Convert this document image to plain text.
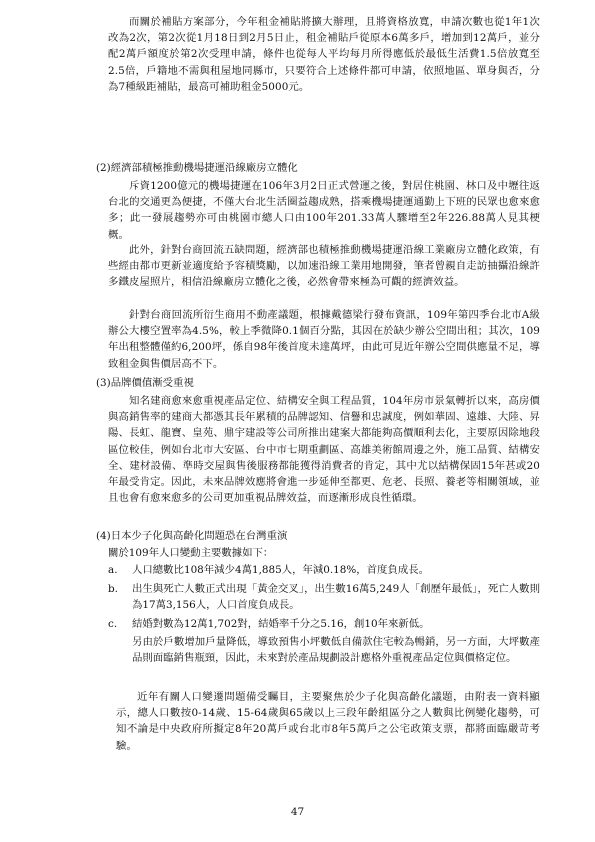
而關於補貼方案部分，今年租金補貼將擴大辦理，且將資格放寬，申請次數也從1年1次改為2次，第2次從1月18日到2月5日止，租金補貼戶從原本6萬多戶，增加到12萬戶，並分配2萬戶額度於第2次受理申請，條件也從每人平均每月所得應低於最低生活費1.5倍放寬至2.5倍，戶籍地不需與租屋地同縣市，只要符合上述條件都可申請，依照地區、單身與否，分為7種級距補貼，最高可補助租金5000元。

(2)經濟部積極推動機場捷運沿線廠房立體化

斥資1200億元的機場捷運在106年3月2日正式營運之後，對居住桃園、林口及中壢往返台北的交通更為便捷，不僅大台北生活圈益趨成熟，搭乘機場捷運通勤上下班的民眾也愈來愈多；此一發展趨勢亦可由桃園市總人口由100年201.33萬人驟增至2年226.88萬人見其梗概。

此外，針對台商回流五缺問題，經濟部也積極推動機場捷運沿線工業廠房立體化政策，有些經由都市更新並適度給予容積獎勵，以加速沿線工業用地開發，筆者曾親自走訪抽攝沿線許多鐵皮屋照片，相信沿線廠房立體化之後，必然會帶來極為可觀的經濟效益。

針對台商回流所衍生商用不動產議題，根據戴德梁行發布資訊，109年第四季台北市A級辦公大樓空置率為4.5%，較上季微降0.1個百分點，其因在於缺少辦公空間出租；其次，109年出租整體僅約6,200坪，係自98年後首度未達萬坪，由此可見近年辦公空間供應量不足，導致租金與售價居高不下。

(3)品牌價值漸受重視

知名建商愈來愈重視產品定位、結構安全與工程品質，104年房市景氣轉折以來，高房價與高銷售率的建商大都憑其長年累積的品牌認知、信譽和忠誠度，例如華固、遠雄、大陸、昇陽、長虹、龍寶、皇苑、鼎宇建設等公司所推出建案大都能夠高價順利去化，主要原因除地段區位較佳，例如台北市大安區、台中市七期重劃區、高雄美術館周邊之外，施工品質、結構安全、建材設備、準時交屋與售後服務都能獲得消費者的肯定，其中尤以結構保固15年甚或20年最受肯定。因此，未來品牌效應將會進一步延伸至都更、危老、長照、養老等相關領域，並且也會有愈來愈多的公司更加重視品牌效益，而逐漸形成良性循環。

(4)日本少子化與高齡化問題恐在台灣重演

關於109年人口變動主要數據如下：

a.	人口總數比108年減少4萬1,885人，年減0.18%，首度負成長。
b.	出生與死亡人數正式出現「黃金交叉」，出生數16萬5,249人「創歷年最低」，死亡人數則為17萬3,156人，人口首度負成長。
c.	結婚對數為12萬1,702對，結婚率千分之5.16，創10年來新低。

另由於戶數增加戶量降低，導致預售小坪數低自備款住宅較為暢銷，另一方面，大坪數產品則面臨銷售瓶頸，因此，未來對於產品規劃設計應格外重視產品定位與價格定位。

近年有關人口變遷問題備受矚目，主要聚焦於少子化與高齡化議題，由附表一資料顯示，總人口數按0-14歲、15-64歲與65歲以上三段年齡組區分之人數與比例變化趨勢，可知不論是中央政府所擬定8年20萬戶或台北市8年5萬戶之公宅政策支票，都將面臨嚴苛考驗。

47
